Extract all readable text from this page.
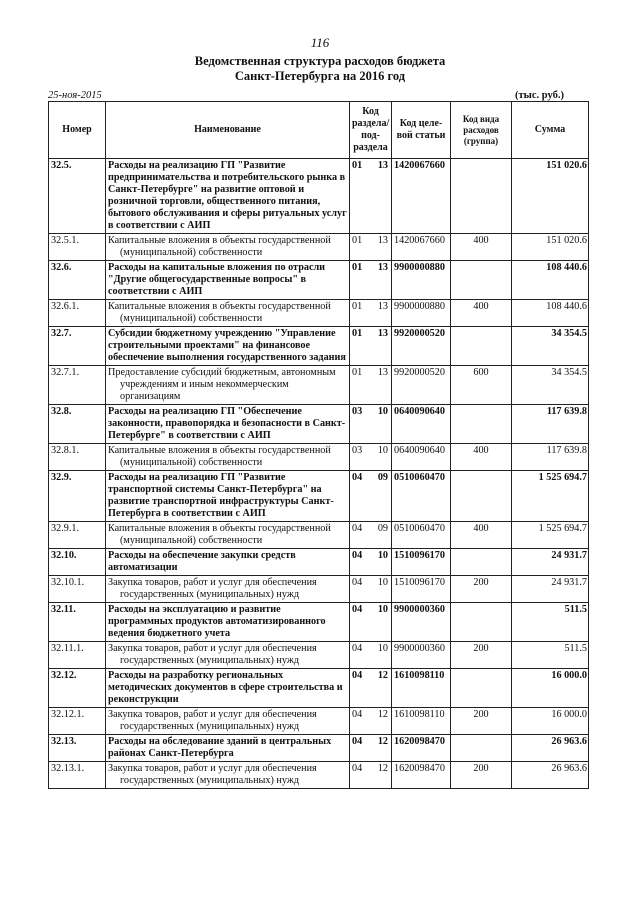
116
Ведомственная структура расходов бюджета
Санкт-Петербурга на 2016 год
25-ноя-2015	(тыс. руб.)
Номер	Наименование	Код раздела/ под- раздела		Код целе- вой статьи	Код вида расходов (группа)	Сумма
32.5.	Расходы на реализацию ГП "Развитие предпринимательства и потребительского рынка в Санкт-Петербурге" на развитие оптовой и розничной торговли, общественного питания, бытового обслуживания и сферы ритуальных услуг в соответствии с АИП	01	13	1420067660		151 020.6
32.5.1.	Капитальные вложения в объекты государственной (муниципальной) собственности	01	13	1420067660	400	151 020.6
32.6.	Расходы на капитальные вложения по отрасли "Другие общегосударственные вопросы" в соответствии с АИП	01	13	9900000880		108 440.6
32.6.1.	Капитальные вложения в объекты государственной (муниципальной) собственности	01	13	9900000880	400	108 440.6
32.7.	Субсидии бюджетному учреждению "Управление строительными проектами" на финансовое обеспечение выполнения государственного задания	01	13	9920000520		34 354.5
32.7.1.	Предоставление субсидий бюджетным, автономным учреждениям и иным некоммерческим организациям	01	13	9920000520	600	34 354.5
32.8.	Расходы на реализацию ГП "Обеспечение законности, правопорядка и безопасности в Санкт-Петербурге" в соответствии с АИП	03	10	0640090640		117 639.8
32.8.1.	Капитальные вложения в объекты государственной (муниципальной) собственности	03	10	0640090640	400	117 639.8
32.9.	Расходы на реализацию ГП "Развитие транспортной системы Санкт-Петербурга" на развитие транспортной инфраструктуры Санкт-Петербурга в соответствии с АИП	04	09	0510060470		1 525 694.7
32.9.1.	Капитальные вложения в объекты государственной (муниципальной) собственности	04	09	0510060470	400	1 525 694.7
32.10.	Расходы на обеспечение закупки средств автоматизации	04	10	1510096170		24 931.7
32.10.1.	Закупка товаров, работ и услуг для обеспечения государственных (муниципальных) нужд	04	10	1510096170	200	24 931.7
32.11.	Расходы на эксплуатацию и развитие программных продуктов автоматизированного ведения бюджетного учета	04	10	9900000360		511.5
32.11.1.	Закупка товаров, работ и услуг для обеспечения государственных (муниципальных) нужд	04	10	9900000360	200	511.5
32.12.	Расходы на разработку региональных методических документов в сфере строительства и реконструкции	04	12	1610098110		16 000.0
32.12.1.	Закупка товаров, работ и услуг для обеспечения государственных (муниципальных) нужд	04	12	1610098110	200	16 000.0
32.13.	Расходы на обследование зданий в центральных районах Санкт-Петербурга	04	12	1620098470		26 963.6
32.13.1.	Закупка товаров, работ и услуг для обеспечения государственных (муниципальных) нужд	04	12	1620098470	200	26 963.6
